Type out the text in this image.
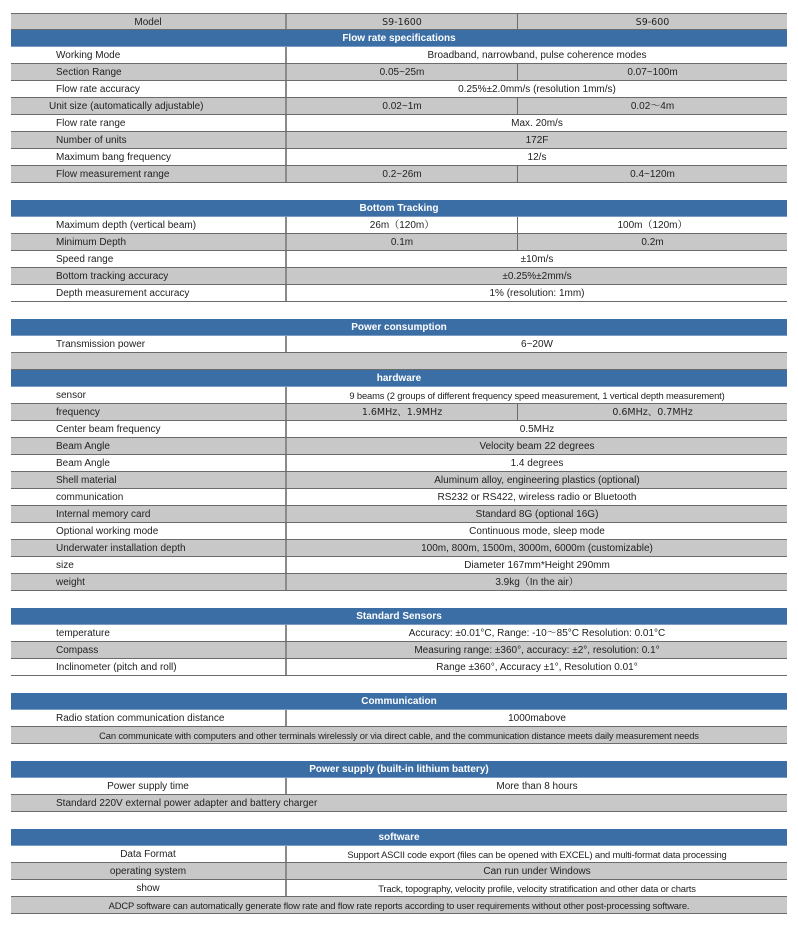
Model	S9-1600	S9-600
Flow rate specifications
Working Mode	Broadband, narrowband, pulse coherence modes
Section Range	0.05~25m	0.07~100m
Flow rate accuracy	0.25%±2.0mm/s (resolution 1mm/s)
Unit size (automatically adjustable)	0.02~1m	0.02～4m
Flow rate range	Max. 20m/s
Number of units	172F
Maximum bang frequency	12/s
Flow measurement range	0.2~26m	0.4~120m
Bottom Tracking
Maximum depth (vertical beam)	26m（120m）	100m（120m）
Minimum Depth	0.1m	0.2m
Speed range	±10m/s
Bottom tracking accuracy	±0.25%±2mm/s
Depth measurement accuracy	1% (resolution: 1mm)
Power consumption
Transmission power	6~20W
hardware
sensor	9 beams (2 groups of different frequency speed measurement, 1 vertical depth measurement)
frequency	1.6MHz、1.9MHz	0.6MHz、0.7MHz
Center beam frequency	0.5MHz
Beam Angle	Velocity beam 22 degrees
Beam Angle	1.4 degrees
Shell material	Aluminum alloy, engineering plastics (optional)
communication	RS232 or RS422, wireless radio or Bluetooth
Internal memory card	Standard 8G (optional 16G)
Optional working mode	Continuous mode, sleep mode
Underwater installation depth	100m, 800m, 1500m, 3000m, 6000m (customizable)
size	Diameter 167mm*Height 290mm
weight	3.9kg（In the air）
Standard Sensors
temperature	Accuracy: ±0.01°C, Range: -10～85°C Resolution: 0.01°C
Compass	Measuring range: ±360°, accuracy: ±2°, resolution: 0.1°
Inclinometer (pitch and roll)	Range ±360°, Accuracy ±1°, Resolution 0.01°
Communication
Radio station communication distance	1000mabove
Can communicate with computers and other terminals wirelessly or via direct cable, and the communication distance meets daily measurement needs
Power supply (built-in lithium battery)
Power supply time	More than 8 hours
Standard 220V external power adapter and battery charger
software
Data Format	Support ASCII code export (files can be opened with EXCEL) and multi-format data processing
operating system	Can run under Windows
show	Track, topography, velocity profile, velocity stratification and other data or charts
ADCP software can automatically generate flow rate and flow rate reports according to user requirements without other post-processing software.
